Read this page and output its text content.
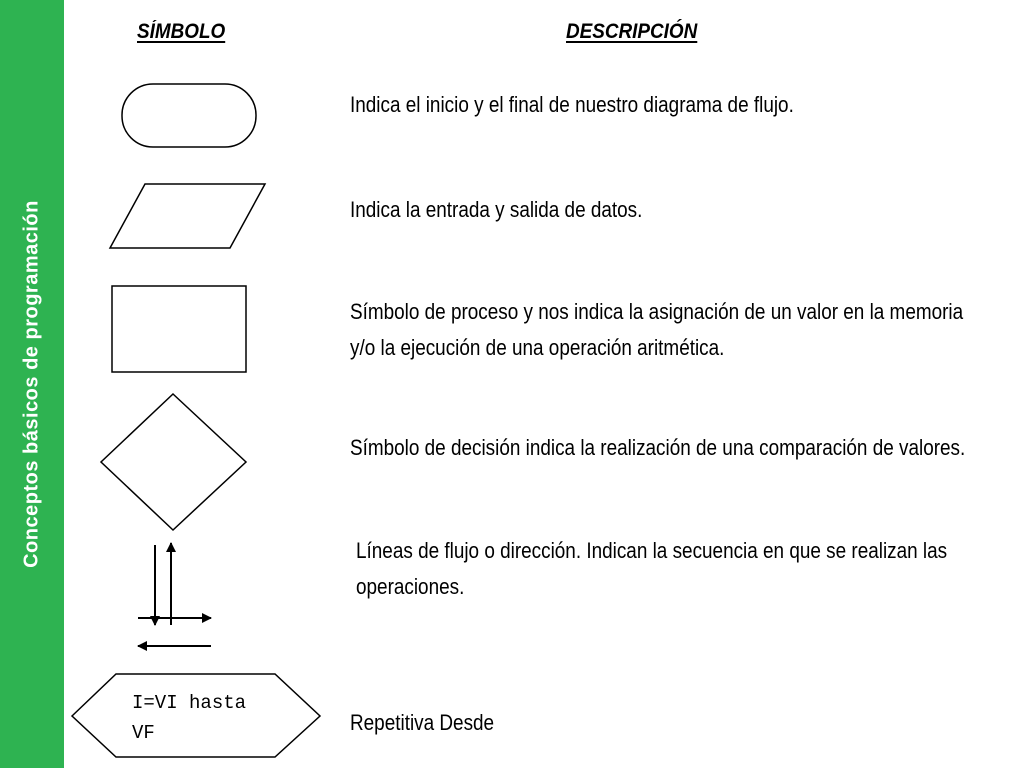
Conceptos básicos de programación
SÍMBOLO	DESCRIPCIÓN
I=VI hasta
VF
Indica el inicio y el final de nuestro diagrama de flujo.
Indica la entrada y salida de datos.
Símbolo de proceso y nos indica la asignación de un valor en la memoria
y/o la ejecución de una operación aritmética.
Símbolo de decisión indica la realización de una comparación de valores.
Líneas de flujo o dirección. Indican la secuencia en que se realizan las
operaciones.
Repetitiva Desde
